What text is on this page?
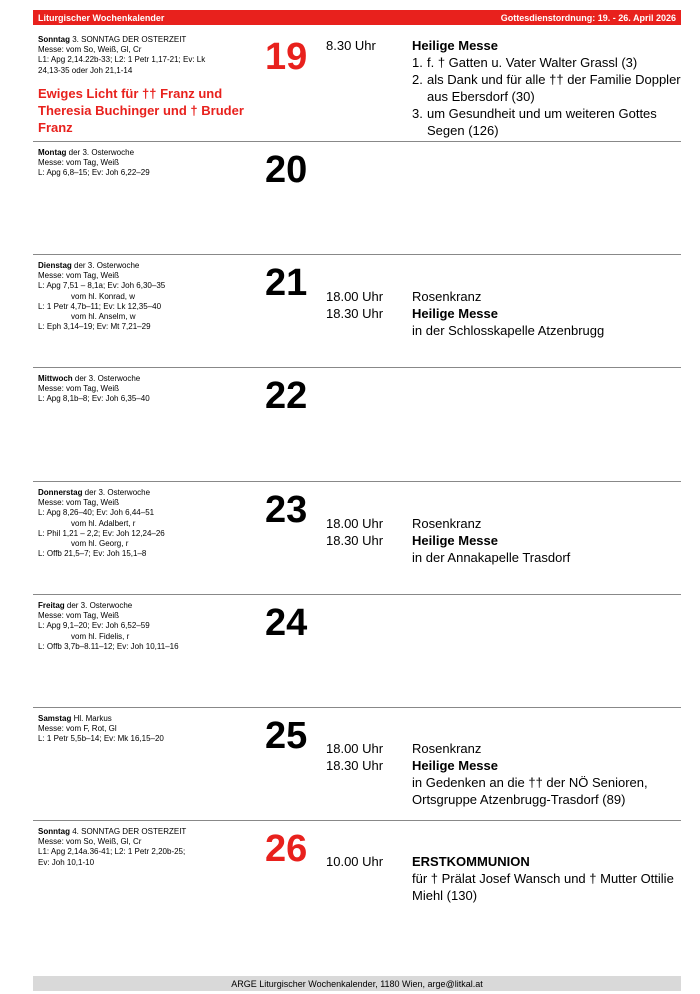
Liturgischer Wochenkalender	Gottesdienstordnung: 19. - 26. April 2026
Sonntag 3. SONNTAG DER OSTERZEIT
Messe: vom So, Weiß, Gl, Cr
L1: Apg 2,14.22b-33; L2: 1 Petr 1,17-21; Ev: Lk
24,13-35 oder Joh 21,1-14
Ewiges Licht für †† Franz und Theresia Buchinger und † Bruder Franz
19 8.30 Uhr	Heilige Messe
1. f. † Gatten u. Vater Walter Grassl (3)
2. als Dank und für alle †† der Familie Doppler aus Ebersdorf (30)
3. um Gesundheit und um weiteren Gottes Segen (126)
Montag der 3. Osterwoche
Messe: vom Tag, Weiß
L: Apg 6,8–15; Ev: Joh 6,22–29	20
Dienstag der 3. Osterwoche
Messe: vom Tag, Weiß
L: Apg 7,51 – 8,1a; Ev: Joh 6,30–35
vom hl. Konrad, w
L: 1 Petr 4,7b–11; Ev: Lk 12,35–40
vom hl. Anselm, w
L: Eph 3,14–19; Ev: Mt 7,21–29
21 18.00 Uhr	Rosenkranz
18.30 Uhr	Heilige Messe
in der Schlosskapelle Atzenbrugg
Mittwoch der 3. Osterwoche
Messe: vom Tag, Weiß
L: Apg 8,1b–8; Ev: Joh 6,35–40	22
Donnerstag der 3. Osterwoche
Messe: vom Tag, Weiß
L: Apg 8,26–40; Ev: Joh 6,44–51
vom hl. Adalbert, r
L: Phil 1,21 – 2,2; Ev: Joh 12,24–26
vom hl. Georg, r
L: Offb 21,5–7; Ev: Joh 15,1–8
23 18.00 Uhr	Rosenkranz
18.30 Uhr	Heilige Messe
in der Annakapelle Trasdorf
Freitag der 3. Osterwoche
Messe: vom Tag, Weiß
L: Apg 9,1–20; Ev: Joh 6,52–59
vom hl. Fidelis, r
L: Offb 3,7b–8.11–12; Ev: Joh 10,11–16
24
Samstag Hl. Markus
Messe: vom F, Rot, Gl
L: 1 Petr 5,5b–14; Ev: Mk 16,15–20	25 18.00 Uhr	Rosenkranz
18.30 Uhr	Heilige Messe
in Gedenken an die †† der NÖ Senioren, Ortsgruppe Atzenbrugg-Trasdorf (89)
Sonntag 4. SONNTAG DER OSTERZEIT
Messe: vom So, Weiß, Gl, Cr
L1: Apg 2,14a.36-41; L2: 1 Petr 2,20b-25;
Ev: Joh 10,1-10	26 10.00 Uhr	ERSTKOMMUNION
für † Prälat Josef Wansch und † Mutter Ottilie Miehl (130)
ARGE Liturgischer Wochenkalender, 1180 Wien, arge@litkal.at
